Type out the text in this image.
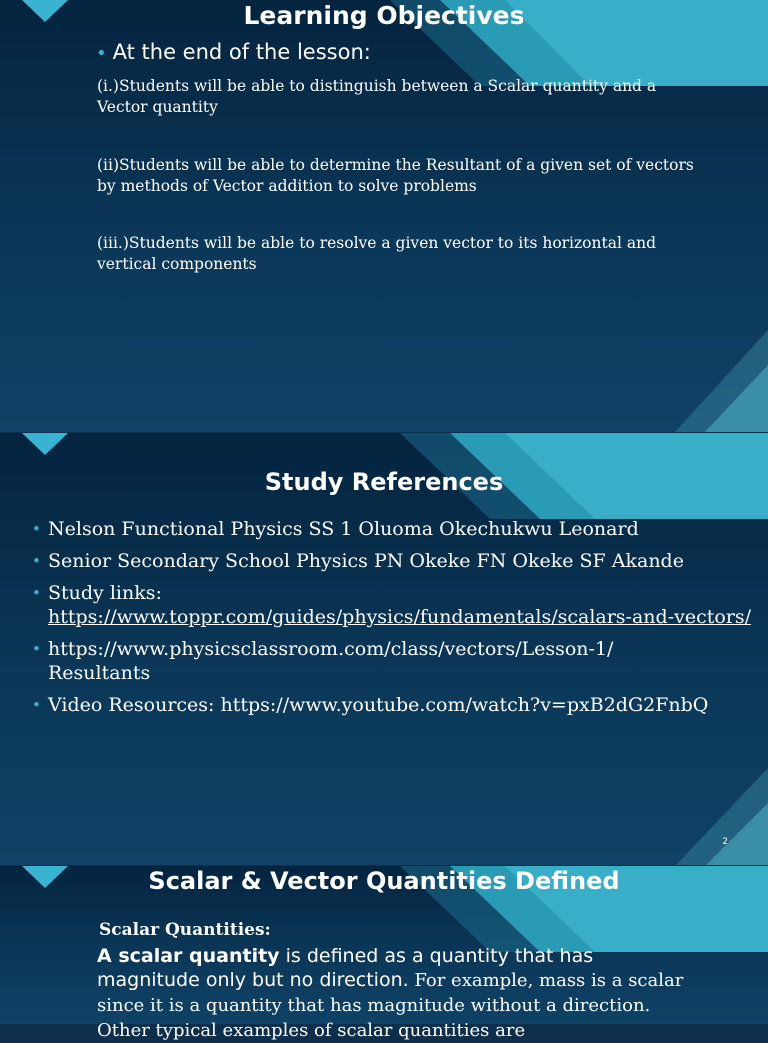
Learning Objectives
• At the end of the lesson:
(i.)Students will be able to distinguish between a Scalar quantity and a Vector quantity
(ii)Students will be able to determine the Resultant of a given set of vectors by methods of Vector addition to solve problems
(iii.)Students will be able to resolve a given vector to its horizontal and vertical components
Study References
• Nelson Functional Physics SS 1 Oluoma Okechukwu Leonard
• Senior Secondary School Physics PN Okeke FN Okeke SF Akande
• Study links:
https://www.toppr.com/guides/physics/fundamentals/scalars-and-vectors/
• https://www.physicsclassroom.com/class/vectors/Lesson-1/
Resultants
• Video Resources: https://www.youtube.com/watch?v=pxB2dG2FnbQ
2
Scalar & Vector Quantities Defined
Scalar Quantities:
A scalar quantity is defined as a quantity that has magnitude only but no direction. For example, mass is a scalar since it is a quantity that has magnitude without a direction. Other typical examples of scalar quantities are
